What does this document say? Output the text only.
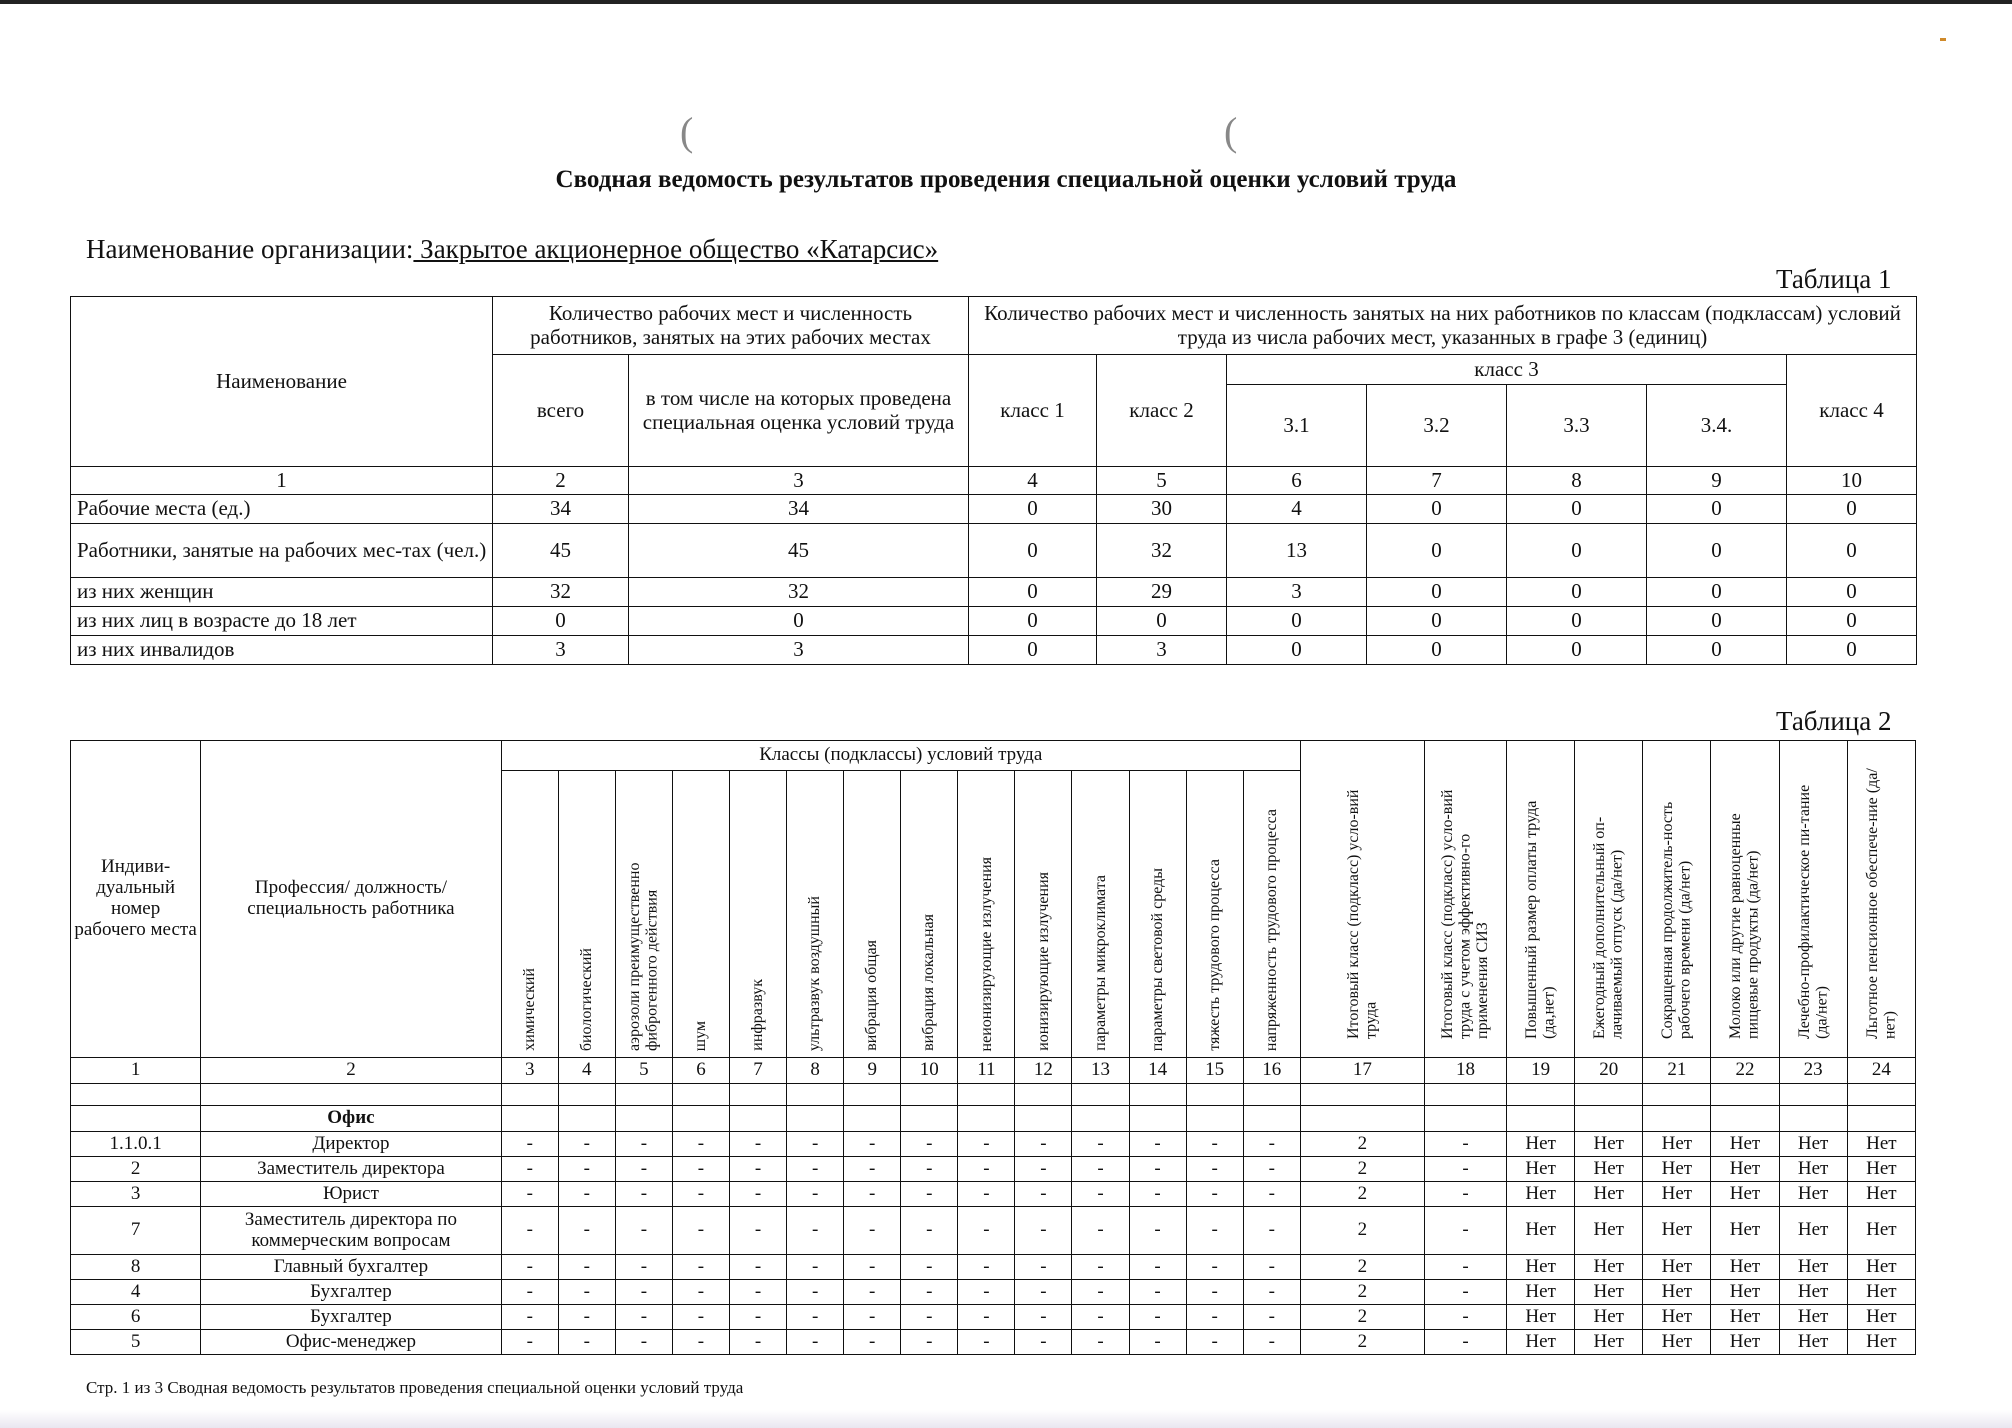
(	(
Сводная ведомость результатов проведения специальной оценки условий труда
Наименование организации: Закрытое акционерное общество «Катарсис»
Таблица 1
Наименование	Количество рабочих мест и численность работников, занятых на этих рабочих местах		Количество рабочих мест и численность занятых на них работников по классам (подклассам) условий труда из числа рабочих мест, указанных в графе 3 (единиц)						
	всего	в том числе на которых проведена специальная оценка условий труда	класс 1	класс 2	класс 3				класс 4
					3.1	3.2	3.3	3.4.	
1	2	3	4	5	6	7	8	9	10
Рабочие места (ед.)	34	34	0	30	4	0	0	0	0
Работники, занятые на рабочих мес-тах (чел.)	45	45	0	32	13	0	0	0	0
из них женщин	32	32	0	29	3	0	0	0	0
из них лиц в возрасте до 18 лет	0	0	0	0	0	0	0	0	0
из них инвалидов	3	3	0	3	0	0	0	0	0
Таблица 2
Индиви-дуальный номер рабочего места	Профессия/ должность/ специальность работника	Классы (подклассы) условий труда														Итоговый класс (подкласс) усло-вий труда	Итоговый класс (подкласс) усло-вий труда с учетом эффективно-го применения СИЗ	Повышенный размер оплаты труда (да,нет)	Ежегодный дополнительный оп-лачиваемый отпуск (да/нет)	Сокращенная продолжитель-ность рабочего времени (да/нет)	Молоко или другие равноценные пищевые продукты (да/нет)	Лечебно-профилактическое пи-тание (да/нет)	Льготное пенсионное обеспече-ние (да/нет)

		химический	биологический	аэрозоли преимущественно фиброгенного действия	шум	инфразвук	ультразвук воздушный	вибрация общая	вибрация локальная	неионизирующие излучения	ионизирующие излучения	параметры микроклимата	параметры световой среды	тяжесть трудового процесса	напряженность трудового процесса								

1	2	3	4	5	6	7	8	9	10	11	12	13	14	15	16	17	18	19	20	21	22	23	24

	Офис																						
1.1.0.1	Директор	-	-	-	-	-	-	-	-	-	-	-	-	-	-	2	-	Нет	Нет	Нет	Нет	Нет	Нет
2	Заместитель директора	-	-	-	-	-	-	-	-	-	-	-	-	-	-	2	-	Нет	Нет	Нет	Нет	Нет	Нет
3	Юрист	-	-	-	-	-	-	-	-	-	-	-	-	-	-	2	-	Нет	Нет	Нет	Нет	Нет	Нет
7	Заместитель директора по коммерческим вопросам	-	-	-	-	-	-	-	-	-	-	-	-	-	-	2	-	Нет	Нет	Нет	Нет	Нет	Нет
8	Главный бухгалтер	-	-	-	-	-	-	-	-	-	-	-	-	-	-	2	-	Нет	Нет	Нет	Нет	Нет	Нет
4	Бухгалтер	-	-	-	-	-	-	-	-	-	-	-	-	-	-	2	-	Нет	Нет	Нет	Нет	Нет	Нет
6	Бухгалтер	-	-	-	-	-	-	-	-	-	-	-	-	-	-	2	-	Нет	Нет	Нет	Нет	Нет	Нет
5	Офис-менеджер	-	-	-	-	-	-	-	-	-	-	-	-	-	-	2	-	Нет	Нет	Нет	Нет	Нет	Нет
Стр. 1 из 3 Сводная ведомость результатов проведения специальной оценки условий труда
